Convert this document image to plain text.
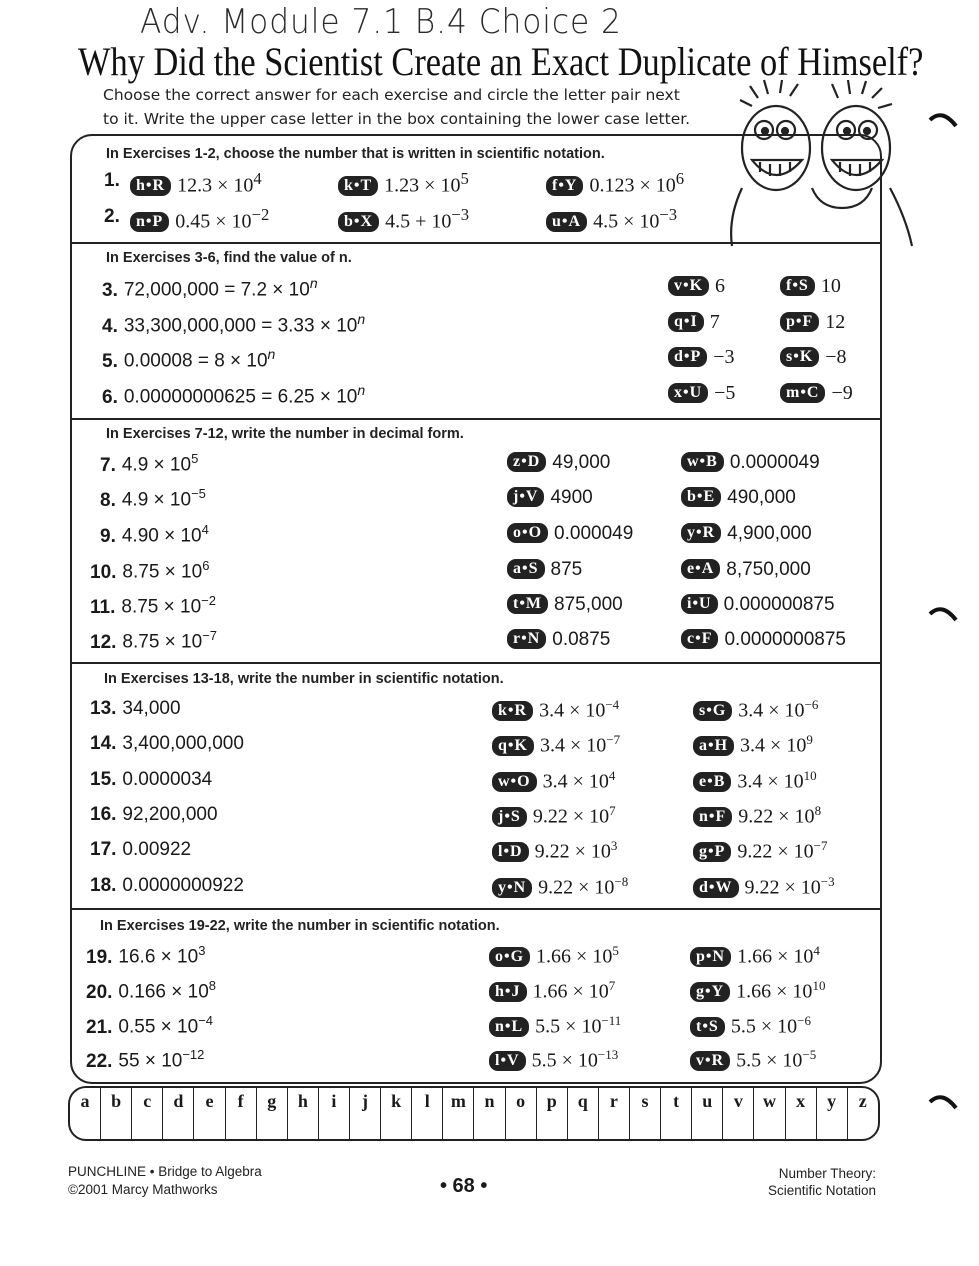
Adv. Module 7.1 B.4 Choice 2
Why Did the Scientist Create an Exact Duplicate of Himself?
Choose the correct answer for each exercise and circle the letter pair next
to it. Write the upper case letter in the box containing the lower case letter.
In Exercises 1-2, choose the number that is written in scientific notation.
1.	h•R $12.3 \times 10^4$	k•T $1.23 \times 10^5$	f•Y $0.123 \times 10^6$
2.	n•P $0.45 \times 10^{-2}$	b•X $4.5 + 10^{-3}$	u•A $4.5 \times 10^{-3}$
In Exercises 3-6, find the value of n.
3. $72,000,000 = 7.2 \times 10^n$	v•K 6	f•S 10
4. $33,300,000,000 = 3.33 \times 10^n$	q•I 7	p•F 12
5. $0.00008 = 8 \times 10^n$	d•P −3	s•K −8
6. $0.00000000625 = 6.25 \times 10^n$	x•U −5	m•C −9
In Exercises 7-12, write the number in decimal form.
7. $4.9 \times 10^5$	z•D 49,000	w•B 0.0000049
8. $4.9 \times 10^{-5}$	j•V 4900	b•E 490,000
9. $4.90 \times 10^4$	o•O 0.000049	y•R 4,900,000
10. $8.75 \times 10^6$	a•S 875	e•A 8,750,000
11. $8.75 \times 10^{-2}$	t•M 875,000	i•U 0.000000875
12. $8.75 \times 10^{-7}$	r•N 0.0875	c•F 0.0000000875
In Exercises 13-18, write the number in scientific notation.
13. 34,000	k•R $3.4 \times 10^{-4}$	s•G $3.4 \times 10^{-6}$
14. 3,400,000,000	q•K $3.4 \times 10^{-7}$	a•H $3.4 \times 10^9$
15. 0.0000034	w•O $3.4 \times 10^4$	e•B $3.4 \times 10^{10}$
16. 92,200,000	j•S $9.22 \times 10^7$	n•F $9.22 \times 10^8$
17. 0.00922	l•D $9.22 \times 10^3$	g•P $9.22 \times 10^{-7}$
18. 0.0000000922	y•N $9.22 \times 10^{-8}$	d•W $9.22 \times 10^{-3}$
In Exercises 19-22, write the number in scientific notation.
19. $16.6 \times 10^3$	o•G $1.66 \times 10^5$	p•N $1.66 \times 10^4$
20. $0.166 \times 10^8$	h•J $1.66 \times 10^7$	g•Y $1.66 \times 10^{10}$
21. $0.55 \times 10^{-4}$	n•L $5.5 \times 10^{-11}$	t•S $5.5 \times 10^{-6}$
22. $55 \times 10^{-12}$	l•V $5.5 \times 10^{-13}$	v•R $5.5 \times 10^{-5}$
a	b	c	d	e	f	g	h	i	j	k	l	m	n	o	p	q	r	s	t	u	v	w	x	y	z
PUNCHLINE • Bridge to Algebra
©2001 Marcy Mathworks	• 68 •
Number Theory:
Scientific Notation
